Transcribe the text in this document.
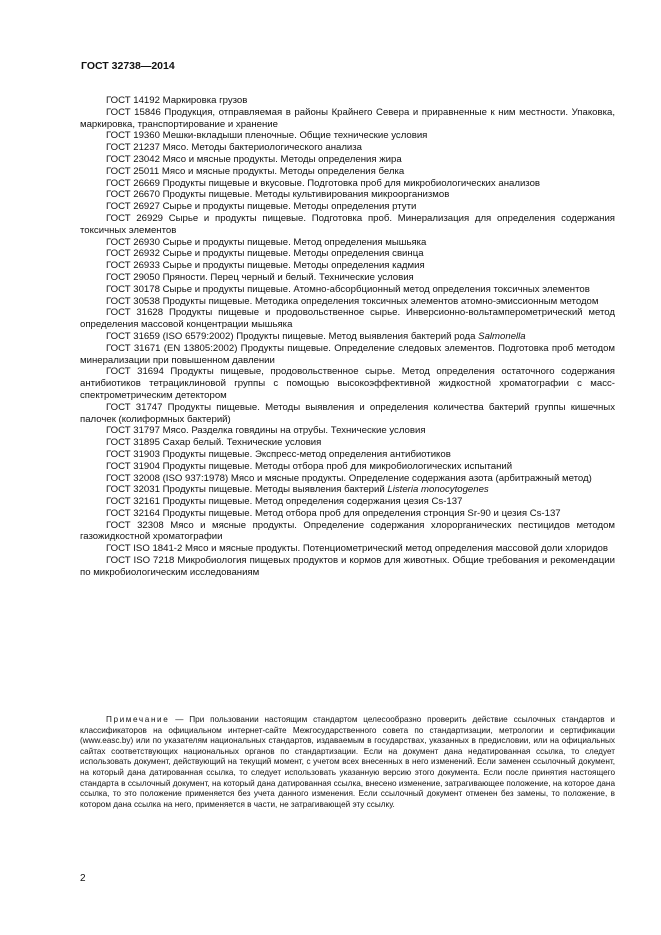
ГОСТ 32738—2014

ГОСТ 14192 Маркировка грузов

ГОСТ 15846 Продукция, отправляемая в районы Крайнего Севера и приравненные к ним местности. Упаковка, маркировка, транспортирование и хранение

ГОСТ 19360 Мешки-вкладыши пленочные. Общие технические условия

ГОСТ 21237 Мясо. Методы бактериологического анализа

ГОСТ 23042 Мясо и мясные продукты. Методы определения жира

ГОСТ 25011 Мясо и мясные продукты. Методы определения белка

ГОСТ 26669 Продукты пищевые и вкусовые. Подготовка проб для микробиологических анализов

ГОСТ 26670 Продукты пищевые. Методы культивирования микроорганизмов

ГОСТ 26927 Сырье и продукты пищевые. Методы определения ртути

ГОСТ 26929 Сырье и продукты пищевые. Подготовка проб. Минерализация для определения содержания токсичных элементов

ГОСТ 26930 Сырье и продукты пищевые. Метод определения мышьяка

ГОСТ 26932 Сырье и продукты пищевые. Методы определения свинца

ГОСТ 26933 Сырье и продукты пищевые. Методы определения кадмия

ГОСТ 29050 Пряности. Перец черный и белый. Технические условия

ГОСТ 30178 Сырье и продукты пищевые. Атомно-абсорбционный метод определения токсичных элементов

ГОСТ 30538 Продукты пищевые. Методика определения токсичных элементов атомно-эмиссионным методом

ГОСТ 31628 Продукты пищевые и продовольственное сырье. Инверсионно-вольтамперометрический метод определения массовой концентрации мышьяка

ГОСТ 31659 (ISO 6579:2002) Продукты пищевые. Метод выявления бактерий рода Salmonella

ГОСТ 31671 (EN 13805:2002) Продукты пищевые. Определение следовых элементов. Подготовка проб методом минерализации при повышенном давлении

ГОСТ 31694 Продукты пищевые, продовольственное сырье. Метод определения остаточного содержания антибиотиков тетрациклиновой группы с помощью высокоэффективной жидкостной хроматографии с масс-спектрометрическим детектором

ГОСТ 31747 Продукты пищевые. Методы выявления и определения количества бактерий группы кишечных палочек (колиформных бактерий)

ГОСТ 31797 Мясо. Разделка говядины на отрубы. Технические условия

ГОСТ 31895 Сахар белый. Технические условия

ГОСТ 31903 Продукты пищевые. Экспресс-метод определения антибиотиков

ГОСТ 31904 Продукты пищевые. Методы отбора проб для микробиологических испытаний

ГОСТ 32008 (ISO 937:1978) Мясо и мясные продукты. Определение содержания азота (арбитражный метод)

ГОСТ 32031 Продукты пищевые. Методы выявления бактерий Listeria monocytogenes

ГОСТ 32161 Продукты пищевые. Метод определения содержания цезия Cs-137

ГОСТ 32164 Продукты пищевые. Метод отбора проб для определения стронция Sr-90 и цезия Cs-137

ГОСТ 32308 Мясо и мясные продукты. Определение содержания хлорорганических пестицидов методом газожидкостной хроматографии

ГОСТ ISO 1841-2 Мясо и мясные продукты. Потенциометрический метод определения массовой доли хлоридов

ГОСТ ISO 7218 Микробиология пищевых продуктов и кормов для животных. Общие требования и рекомендации по микробиологическим исследованиям

Примечание — При пользовании настоящим стандартом целесообразно проверить действие ссылочных стандартов и классификаторов на официальном интернет-сайте Межгосударственного совета по стандартизации, метрологии и сертификации (www.easc.by) или по указателям национальных стандартов, издаваемым в государствах, указанных в предисловии, или на официальных сайтах соответствующих национальных органов по стандартизации. Если на документ дана недатированная ссылка, то следует использовать документ, действующий на текущий момент, с учетом всех внесенных в него изменений. Если заменен ссылочный документ, на который дана датированная ссылка, то следует использовать указанную версию этого документа. Если после принятия настоящего стандарта в ссылочный документ, на который дана датированная ссылка, внесено изменение, затрагивающее положение, на которое дана ссылка, то это положение применяется без учета данного изменения. Если ссылочный документ отменен без замены, то положение, в котором дана ссылка на него, применяется в части, не затрагивающей эту ссылку.

2
